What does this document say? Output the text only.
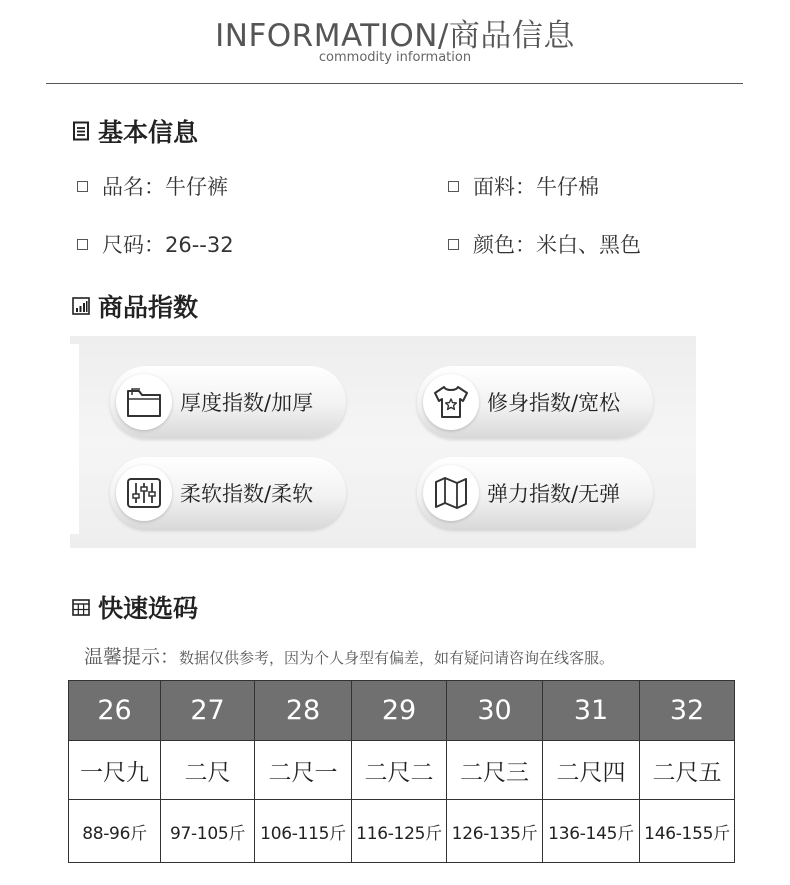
INFORMATION/商品信息
commodity information
基本信息
品名：牛仔裤	面料：牛仔棉
尺码：26--32	颜色：米白、黑色
商品指数
厚度指数/加厚	修身指数/宽松
柔软指数/柔软	弹力指数/无弹
快速选码
温馨提示：数据仅供参考，因为个人身型有偏差，如有疑问请咨询在线客服。
26	27	28	29	30	31	32
一尺九	二尺	二尺一	二尺二	二尺三	二尺四	二尺五
88-96斤	97-105斤	106-115斤	116-125斤	126-135斤	136-145斤	146-155斤
